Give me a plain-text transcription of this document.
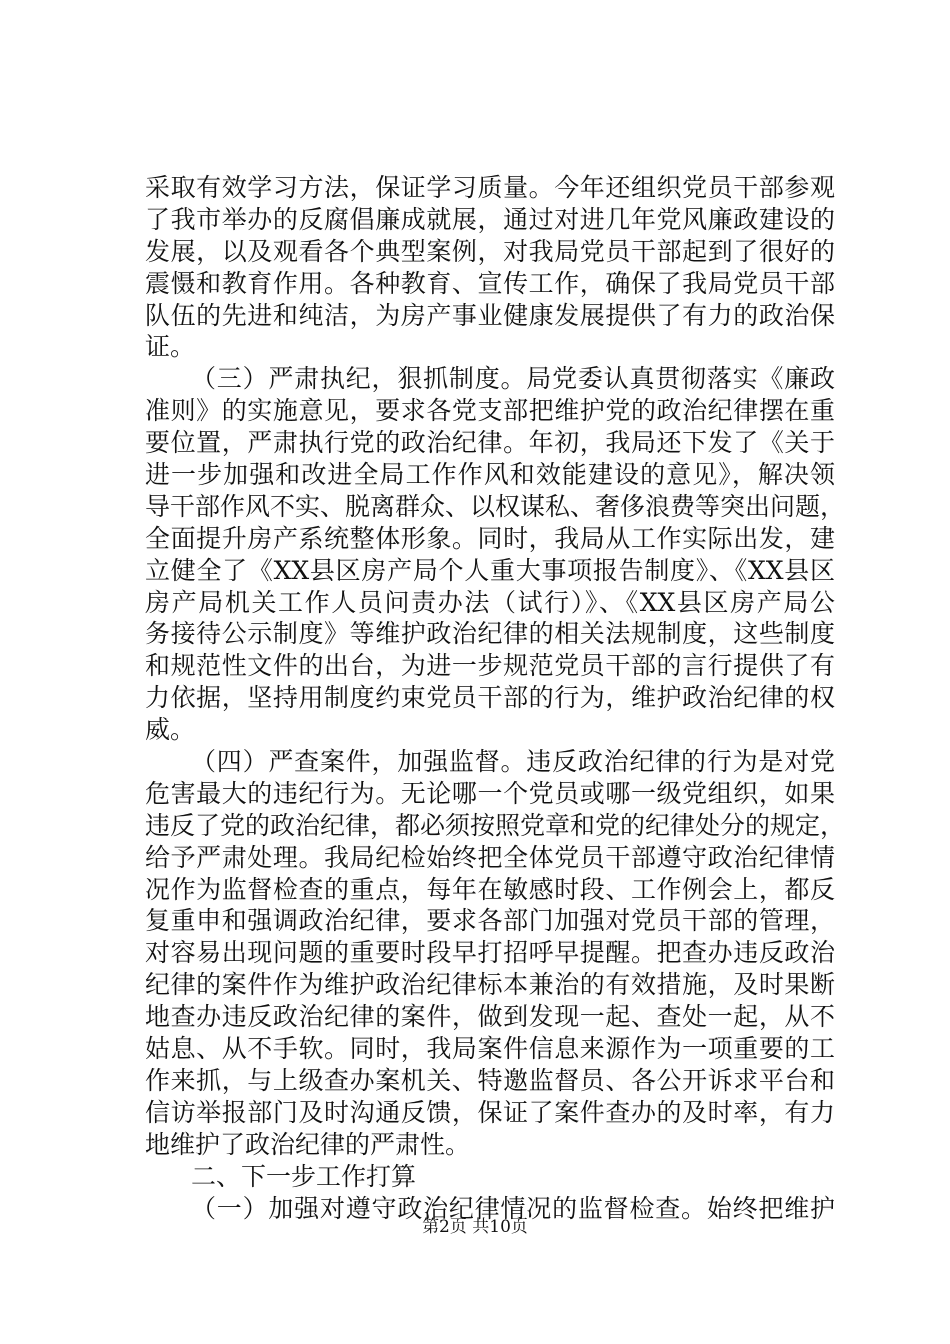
采取有效学习方法，保证学习质量。今年还组织党员干部参观
了我市举办的反腐倡廉成就展，通过对进几年党风廉政建设的
发展，以及观看各个典型案例，对我局党员干部起到了很好的
震慑和教育作用。各种教育、宣传工作，确保了我局党员干部
队伍的先进和纯洁，为房产事业健康发展提供了有力的政治保
证。
（三）严肃执纪，狠抓制度。局党委认真贯彻落实《廉政
准则》的实施意见，要求各党支部把维护党的政治纪律摆在重
要位置，严肃执行党的政治纪律。年初，我局还下发了《关于
进一步加强和改进全局工作作风和效能建设的意见》，解决领
导干部作风不实、脱离群众、以权谋私、奢侈浪费等突出问题，
全面提升房产系统整体形象。同时，我局从工作实际出发，建
立健全了《XX县区房产局个人重大事项报告制度》、《XX县区
房产局机关工作人员问责办法（试行）》、《XX县区房产局公
务接待公示制度》等维护政治纪律的相关法规制度，这些制度
和规范性文件的出台，为进一步规范党员干部的言行提供了有
力依据，坚持用制度约束党员干部的行为，维护政治纪律的权
威。
（四）严查案件，加强监督。违反政治纪律的行为是对党
危害最大的违纪行为。无论哪一个党员或哪一级党组织，如果
违反了党的政治纪律，都必须按照党章和党的纪律处分的规定，
给予严肃处理。我局纪检始终把全体党员干部遵守政治纪律情
况作为监督检查的重点，每年在敏感时段、工作例会上，都反
复重申和强调政治纪律，要求各部门加强对党员干部的管理，
对容易出现问题的重要时段早打招呼早提醒。把查办违反政治
纪律的案件作为维护政治纪律标本兼治的有效措施，及时果断
地查办违反政治纪律的案件，做到发现一起、查处一起，从不
姑息、从不手软。同时，我局案件信息来源作为一项重要的工
作来抓，与上级查办案机关、特邀监督员、各公开诉求平台和
信访举报部门及时沟通反馈，保证了案件查办的及时率，有力
地维护了政治纪律的严肃性。
二、下一步工作打算
（一）加强对遵守政治纪律情况的监督检查。始终把维护
第2页 共10页
